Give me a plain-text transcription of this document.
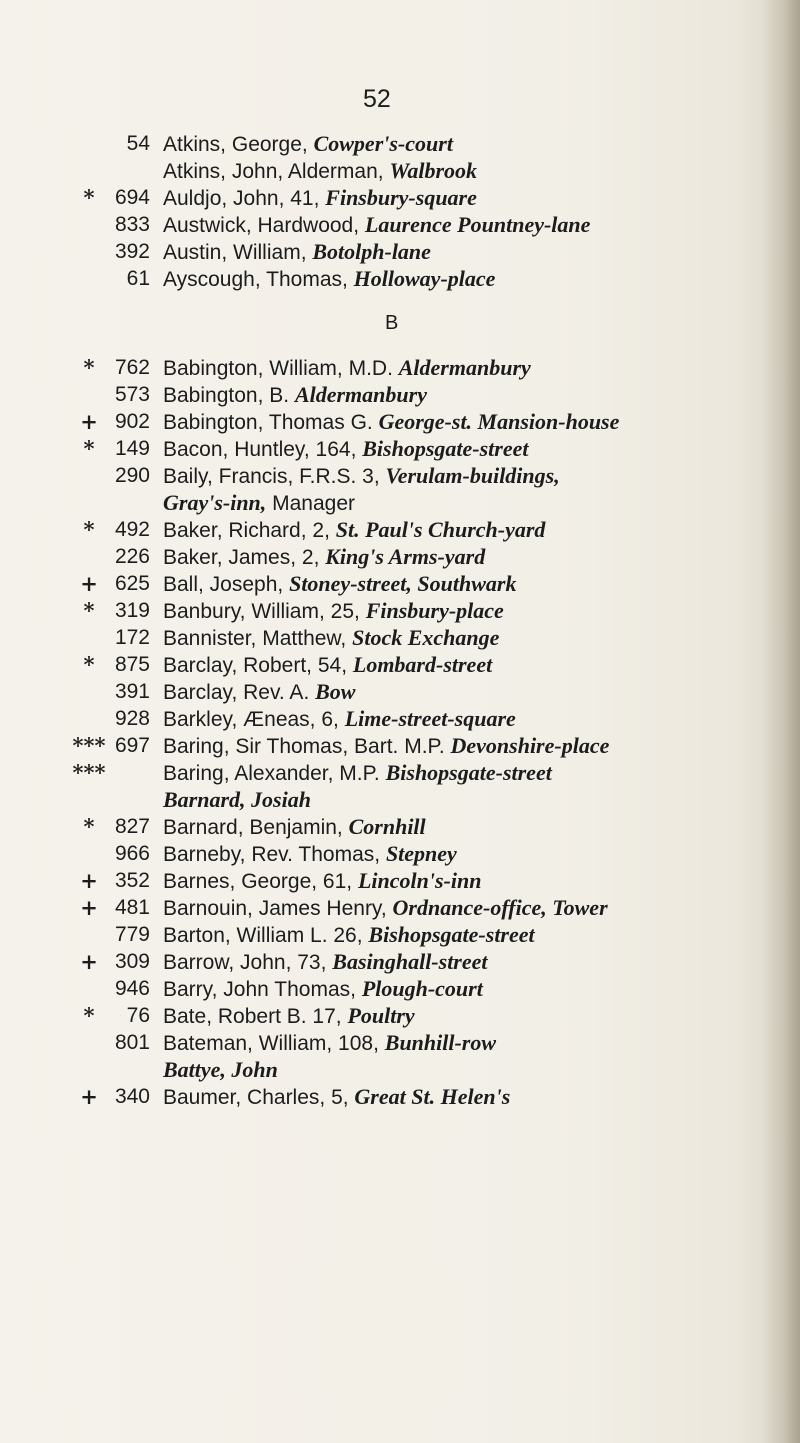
52
54 Atkins, George, Cowper's-court
Atkins, John, Alderman, Walbrook
* 694 Auldjo, John, 41, Finsbury-square
833 Austwick, Hardwood, Laurence Pountney-lane
392 Austin, William, Botolph-lane
61 Ayscough, Thomas, Holloway-place
B
* 762 Babington, William, M.D. Aldermanbury
573 Babington, B. Aldermanbury
+ 902 Babington, Thomas G. George-st. Mansion-house
* 149 Bacon, Huntley, 164, Bishopsgate-street
290 Baily, Francis, F.R.S. 3, Verulam-buildings,
Gray's-inn, Manager
* 492 Baker, Richard, 2, St. Paul's Church-yard
226 Baker, James, 2, King's Arms-yard
+ 625 Ball, Joseph, Stoney-street, Southwark
* 319 Banbury, William, 25, Finsbury-place
172 Bannister, Matthew, Stock Exchange
* 875 Barclay, Robert, 54, Lombard-street
391 Barclay, Rev. A. Bow
928 Barkley, Æneas, 6, Lime-street-square
*** 697 Baring, Sir Thomas, Bart. M.P. Devonshire-place
***	Baring, Alexander, M.P. Bishopsgate-street
Barnard, Josiah
* 827 Barnard, Benjamin, Cornhill
966 Barneby, Rev. Thomas, Stepney
+ 352 Barnes, George, 61, Lincoln's-inn
+ 481 Barnouin, James Henry, Ordnance-office, Tower
779 Barton, William L. 26, Bishopsgate-street
+ 309 Barrow, John, 73, Basinghall-street
946 Barry, John Thomas, Plough-court
*	76 Bate, Robert B. 17, Poultry
801 Bateman, William, 108, Bunhill-row
Battye, John
+ 340 Baumer, Charles, 5, Great St. Helen's
